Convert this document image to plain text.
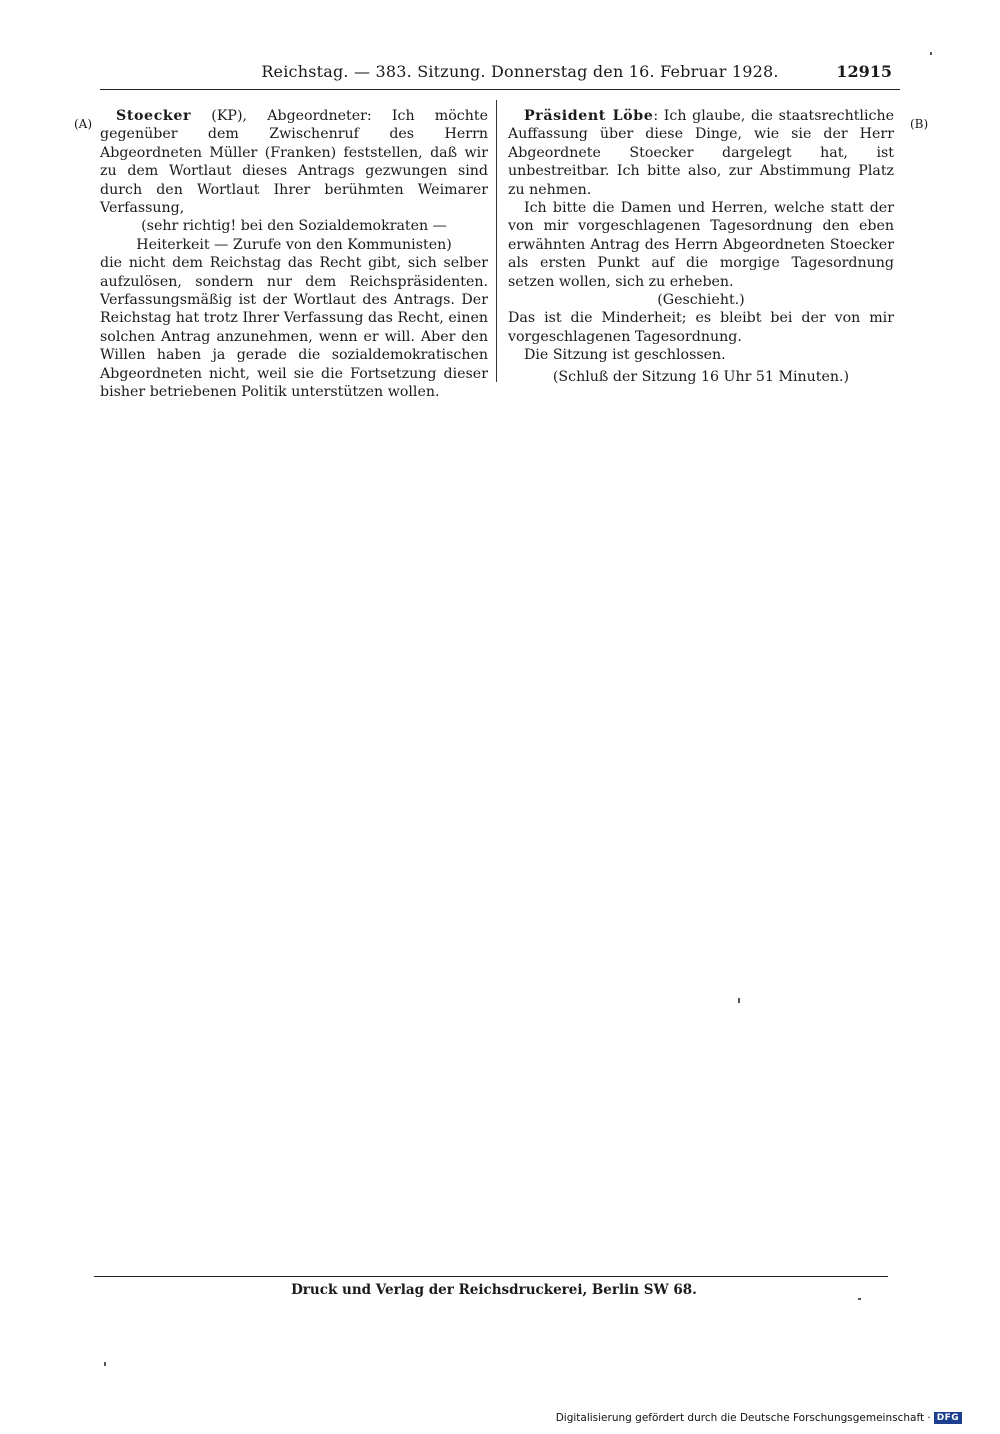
Reichstag. — 383. Sitzung. Donnerstag den 16. Februar 1928.	12915
(A)	(B)

Stoecker (KP), Abgeordneter: Ich möchte gegenüber dem Zwischenruf des Herrn Abgeordneten Müller (Franken) feststellen, daß wir zu dem Wortlaut dieses Antrags gezwungen sind durch den Wortlaut Ihrer berühmten Weimarer Verfassung,

(sehr richtig! bei den Sozialdemokraten — Heiterkeit — Zurufe von den Kommunisten)

die nicht dem Reichstag das Recht gibt, sich selber aufzulösen, sondern nur dem Reichspräsidenten. Verfassungsmäßig ist der Wortlaut des Antrags. Der Reichstag hat trotz Ihrer Verfassung das Recht, einen solchen Antrag anzunehmen, wenn er will. Aber den Willen haben ja gerade die sozialdemokratischen Abgeordneten nicht, weil sie die Fortsetzung dieser bisher betriebenen Politik unterstützen wollen.

Präsident Löbe: Ich glaube, die staatsrechtliche Auffassung über diese Dinge, wie sie der Herr Abgeordnete Stoecker dargelegt hat, ist unbestreitbar. Ich bitte also, zur Abstimmung Platz zu nehmen.

Ich bitte die Damen und Herren, welche statt der von mir vorgeschlagenen Tagesordnung den eben erwähnten Antrag des Herrn Abgeordneten Stoecker als ersten Punkt auf die morgige Tagesordnung setzen wollen, sich zu erheben.

(Geschieht.)

Das ist die Minderheit; es bleibt bei der von mir vorgeschlagenen Tagesordnung.

Die Sitzung ist geschlossen.

(Schluß der Sitzung 16 Uhr 51 Minuten.)

Druck und Verlag der Reichsdruckerei, Berlin SW 68.
Digitalisierung gefördert durch die Deutsche Forschungsgemeinschaft · DFG
